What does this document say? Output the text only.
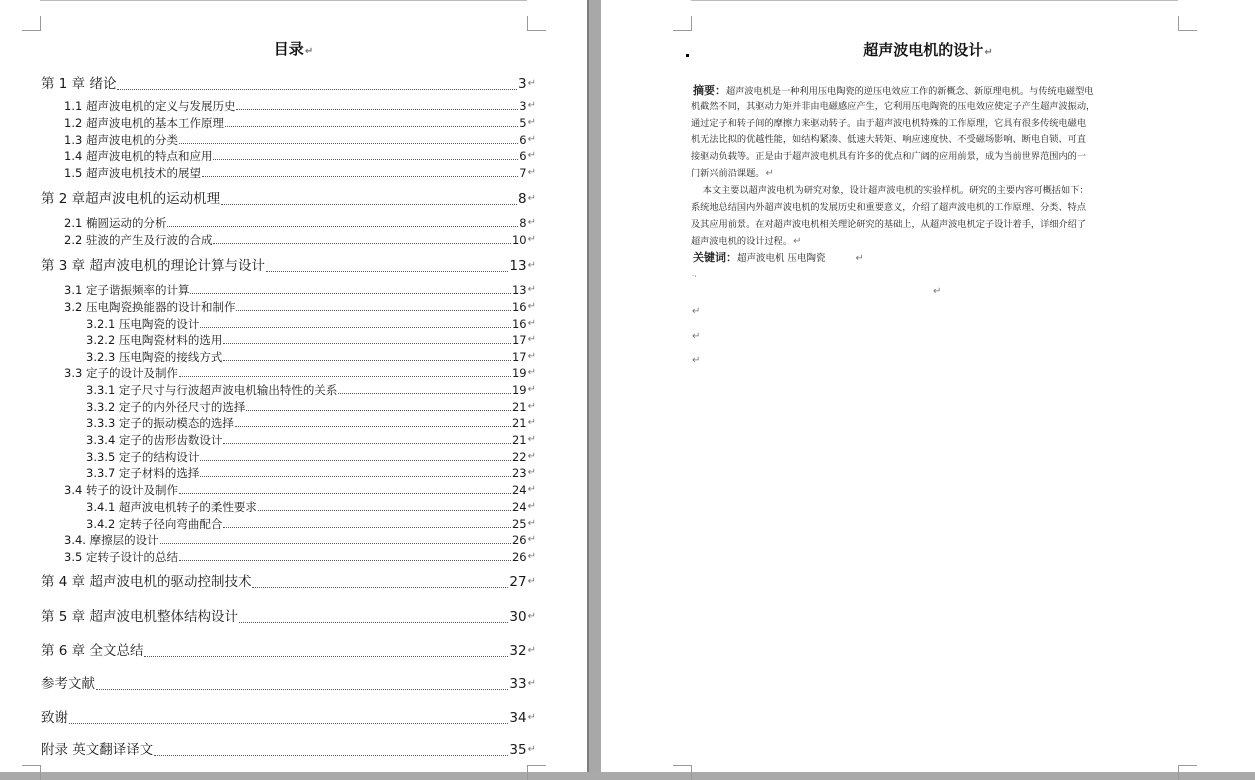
目录↵
第 1 章 绪论	3 ↵
1.1 超声波电机的定义与发展历史	3 ↵
1.2 超声波电机的基本工作原理	5 ↵
1.3 超声波电机的分类	6 ↵
1.4 超声波电机的特点和应用	6 ↵
1.5 超声波电机技术的展望	7 ↵
第 2 章超声波电机的运动机理	8 ↵
2.1 椭圆运动的分析	8 ↵
2.2 驻波的产生及行波的合成	10 ↵
第 3 章 超声波电机的理论计算与设计	13 ↵
3.1 定子谐振频率的计算	13 ↵
3.2 压电陶瓷换能器的设计和制作	16 ↵
3.2.1 压电陶瓷的设计	16 ↵
3.2.2 压电陶瓷材料的选用	17 ↵
3.2.3 压电陶瓷的接线方式	17 ↵
3.3 定子的设计及制作	19 ↵
3.3.1 定子尺寸与行波超声波电机输出特性的关系	19 ↵
3.3.2 定子的内外径尺寸的选择	21 ↵
3.3.3 定子的振动模态的选择	21 ↵
3.3.4 定子的齿形齿数设计	21 ↵
3.3.5 定子的结构设计	22 ↵
3.3.7 定子材料的选择	23 ↵
3.4 转子的设计及制作	24 ↵
3.4.1 超声波电机转子的柔性要求	24 ↵
3.4.2 定转子径向弯曲配合	25 ↵
3.4. 摩擦层的设计	26 ↵
3.5 定转子设计的总结	26 ↵
第 4 章 超声波电机的驱动控制技术	27 ↵
第 5 章 超声波电机整体结构设计	30 ↵
第 6 章 全文总结	32 ↵
参考文献	33 ↵
致谢	34 ↵
附录 英文翻译译文	35 ↵
超声波电机的设计↵
摘要：超声波电机是一种利用压电陶瓷的逆压电效应工作的新概念、新原理电机。与传统电磁型电
机截然不同，其驱动力矩并非由电磁感应产生，它利用压电陶瓷的压电效应使定子产生超声波振动，
通过定子和转子间的摩擦力来驱动转子。由于超声波电机特殊的工作原理，它具有很多传统电磁电
机无法比拟的优越性能，如结构紧凑、低速大转矩、响应速度快、不受磁场影响、断电自锁、可直
接驱动负载等。正是由于超声波电机具有许多的优点和广阔的应用前景，成为当前世界范围内的一
门新兴前沿课题。↵
本文主要以超声波电机为研究对象，设计超声波电机的实验样机。研究的主要内容可概括如下：
系统地总结国内外超声波电机的发展历史和重要意义，介绍了超声波电机的工作原理、分类、特点
及其应用前景。在对超声波电机相关理论研究的基础上，从超声波电机定子设计着手，详细介绍了
超声波电机的设计过程。↵
关键词：超声波电机 压电陶瓷	↵
.,
↵
↵
↵
↵
